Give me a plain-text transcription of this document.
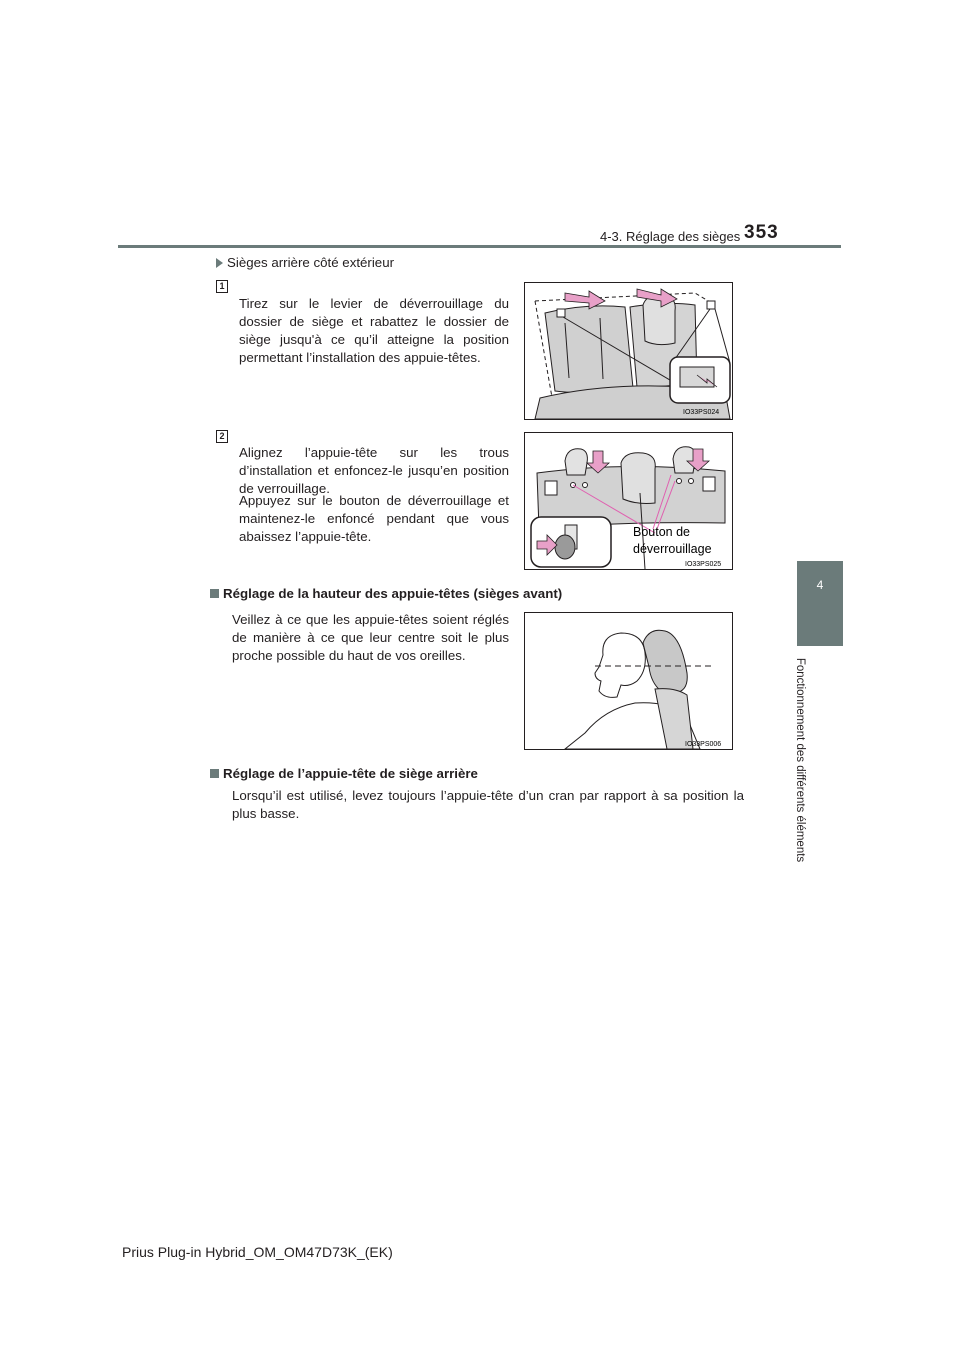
4-3. Réglage des sièges 353
4
Fonctionnement des différents éléments
Sièges arrière côté extérieur
1
Tirez sur le levier de déverrouillage du dossier de siège et rabattez le dossier de siège jusqu'à ce qu’il atteigne la position permettant l’installation des appuie-têtes.
IO33PS024
2
Alignez l’appuie-tête sur les trous d’installation et enfoncez-le jusqu’en position de verrouillage.
Appuyez sur le bouton de déverrouillage et maintenez-le enfoncé pendant que vous abaissez l’appuie-tête.	Bouton de
déverrouillage
IO33PS025
Réglage de la hauteur des appuie-têtes (sièges avant)
Veillez à ce que les appuie-têtes soient réglés de manière à ce que leur centre soit le plus proche possible du haut de vos oreilles.
IO33PS006
Réglage de l’appuie-tête de siège arrière
Lorsqu’il est utilisé, levez toujours l’appuie-tête d’un cran par rapport à sa position la plus basse.
Prius Plug-in Hybrid_OM_OM47D73K_(EK)
